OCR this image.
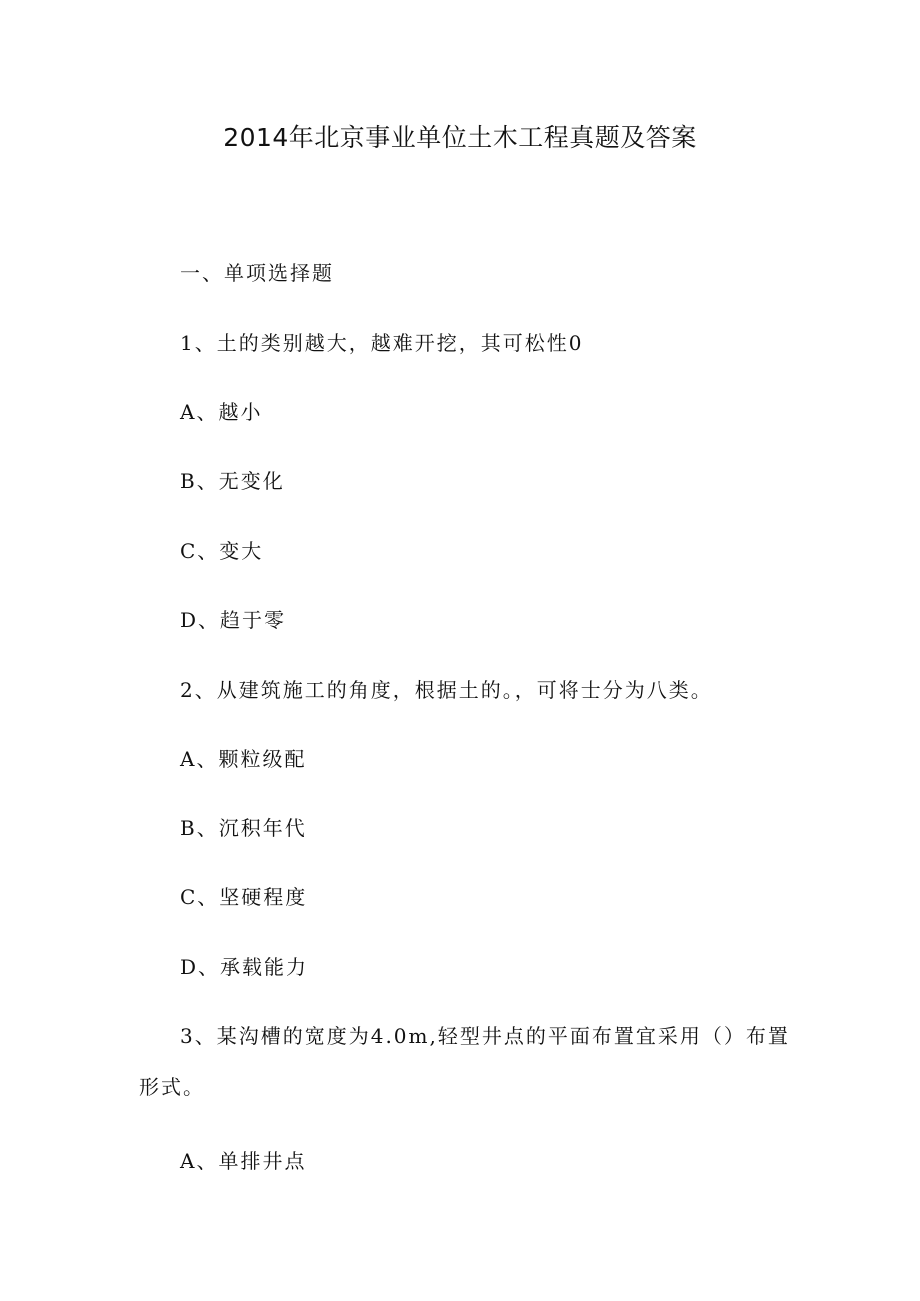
2014年北京事业单位土木工程真题及答案

一、单项选择题

1、土的类别越大，越难开挖，其可松性0

A、越小

B、无变化

C、变大

D、趋于零

2、从建筑施工的角度，根据土的。，可将士分为八类。

A、颗粒级配

B、沉积年代

C、坚硬程度

D、承载能力

3、某沟槽的宽度为4.0m,轻型井点的平面布置宜采用（）布置

形式。

A、单排井点
